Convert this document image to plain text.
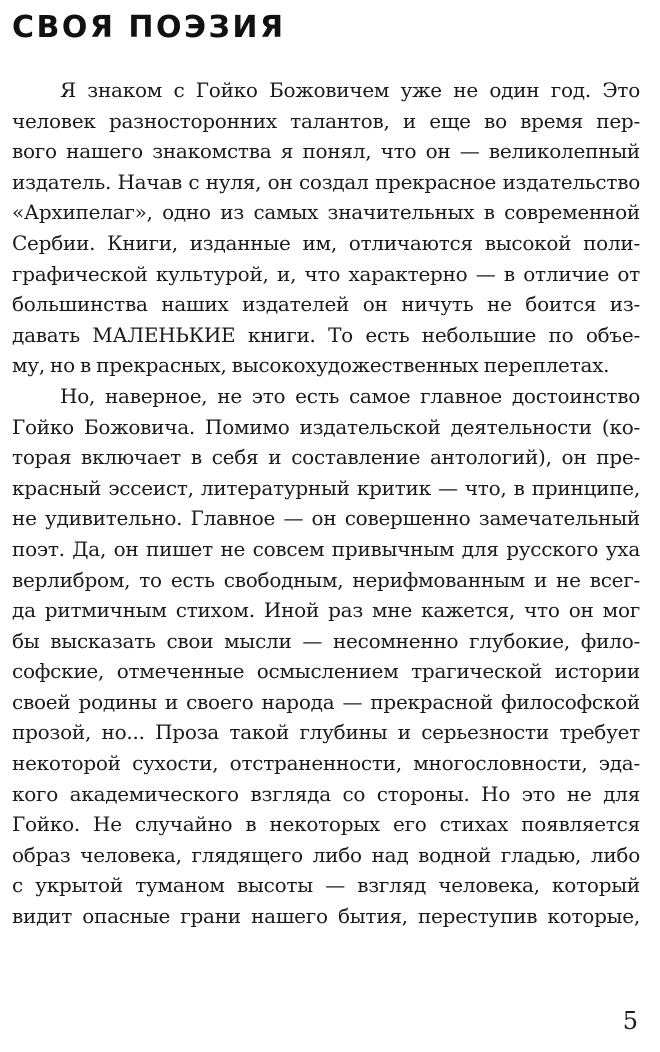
СВОЯ ПОЭЗИЯ
Я знаком с Гойко Божовичем уже не один год. Это
человек разносторонних талантов, и еще во время пер-
вого нашего знакомства я понял, что он — великолепный
издатель. Начав с нуля, он создал прекрасное издательство
«Архипелаг», одно из самых значительных в современной
Сербии. Книги, изданные им, отличаются высокой поли-
графической культурой, и, что характерно — в отличие от
большинства наших издателей он ничуть не боится из-
давать МАЛЕНЬКИЕ книги. То есть небольшие по объе-
му, но в прекрасных, высокохудожественных переплетах.
Но, наверное, не это есть самое главное достоинство
Гойко Божовича. Помимо издательской деятельности (ко-
торая включает в себя и составление антологий), он пре-
красный эссеист, литературный критик — что, в принципе,
не удивительно. Главное — он совершенно замечательный
поэт. Да, он пишет не совсем привычным для русского уха
верлибром, то есть свободным, нерифмованным и не всег-
да ритмичным стихом. Иной раз мне кажется, что он мог
бы высказать свои мысли — несомненно глубокие, фило-
софские, отмеченные осмыслением трагической истории
своей родины и своего народа — прекрасной философской
прозой, но... Проза такой глубины и серьезности требует
некоторой сухости, отстраненности, многословности, эда-
кого академического взгляда со стороны. Но это не для
Гойко. Не случайно в некоторых его стихах появляется
образ человека, глядящего либо над водной гладью, либо
с укрытой туманом высоты — взгляд человека, который
видит опасные грани нашего бытия, переступив которые,
5
